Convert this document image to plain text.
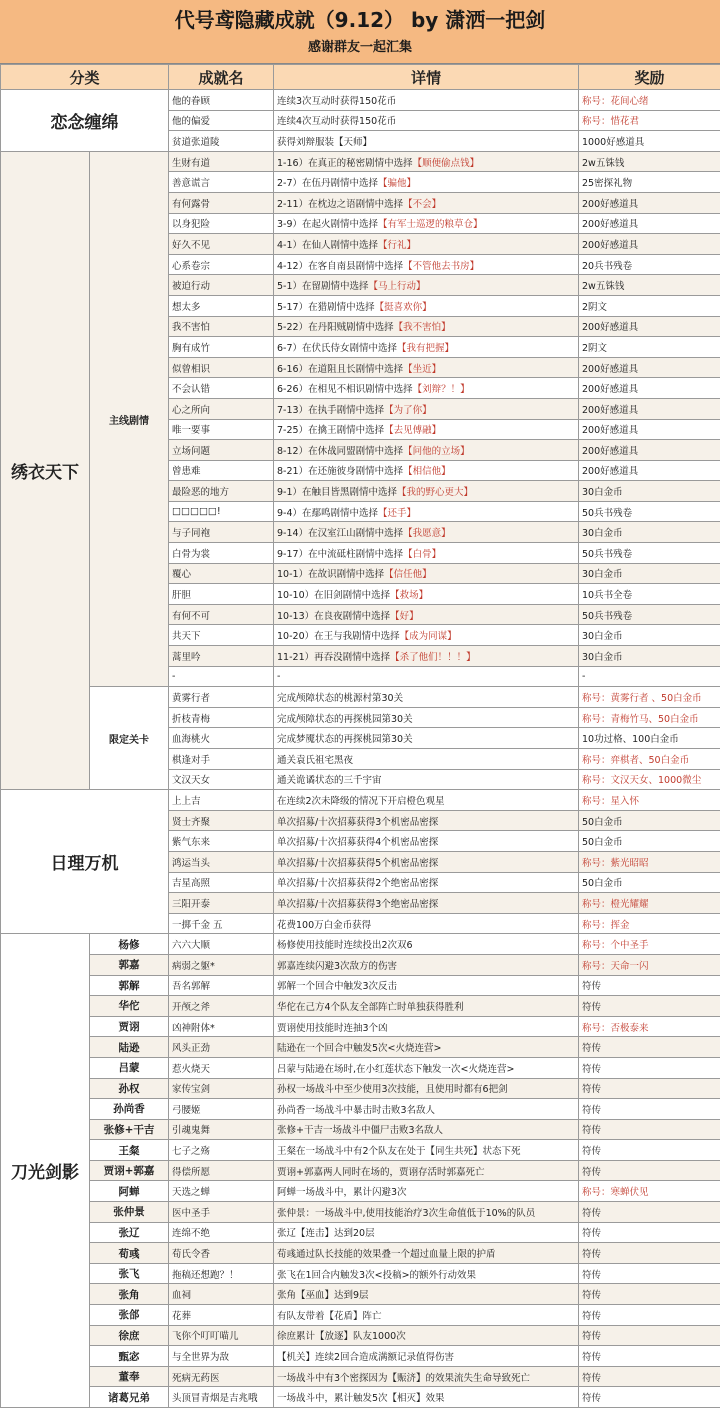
代号鸢隐藏成就（9.12） by 潇洒一把剑
感谢群友一起汇集
分类		成就名	详情	奖励
恋念缠绵		他的眷顾	连续3次互动时获得150花币	称号：花间心绪
		他的偏爱	连续4次互动时获得150花币	称号：惜花君
		贫道张道陵	获得刘辩服装【天师】	1000好感道具
绣衣天下	主线剧情	生财有道	1-16）在真正的秘密剧情中选择【顺便偷点钱】	2w五铢钱
		善意谎言	2-7）在伍丹剧情中选择【骗他】	25密探礼物
		有何露骨	2-11）在枕边之语剧情中选择【不会】	200好感道具
		以身犯险	3-9）在起火剧情中选择【有军士巡逻的粮草仓】	200好感道具
		好久不见	4-1）在仙人剧情中选择【行礼】	200好感道具
		心系卷宗	4-12）在客自南县剧情中选择【不管他去书房】	20兵书残卷
		被迫行动	5-1）在留剧情中选择【马上行动】	2w五铢钱
		想太多	5-17）在猎剧情中选择【挺喜欢你】	2阴文
		我不害怕	5-22）在丹阳贼剧情中选择【我不害怕】	200好感道具
		胸有成竹	6-7）在伏氏侍女剧情中选择【我有把握】	2阴文
		似曾相识	6-16）在道阻且长剧情中选择【坐近】	200好感道具
		不会认错	6-26）在相见不相识剧情中选择【刘辩？！】	200好感道具
		心之所向	7-13）在执手剧情中选择【为了你】	200好感道具
		唯一要事	7-25）在擒王剧情中选择【去见傅融】	200好感道具
		立场问题	8-12）在休战同盟剧情中选择【问他的立场】	200好感道具
		曾患难	8-21）在还施彼身剧情中选择【相信他】	200好感道具
		最险恶的地方	9-1）在触目皆黑剧情中选择【我的野心更大】	30白金币
		□□□□□!	9-4）在鄢鸣剧情中选择【还手】	50兵书残卷
		与子同袍	9-14）在汉室江山剧情中选择【我愿意】	30白金币
		白骨为裳	9-17）在中流砥柱剧情中选择【白骨】	50兵书残卷
		覆心	10-1）在故识剧情中选择【信任他】	30白金币
		肝胆	10-10）在旧剑剧情中选择【救场】	10兵书全卷
		有何不可	10-13）在良夜剧情中选择【好】	50兵书残卷
		共天下	10-20）在王与我剧情中选择【成为同谋】	30白金币
		蒿里吟	11-21）再吞没剧情中选择【杀了他们！！！】	30白金币
		-	-	-
	限定关卡	黄雾行者	完成颅障状态的桃源村第30关	称号：黄雾行者 、50白金币
		折枝青梅	完成颅障状态的再探桃园第30关	称号：青梅竹马、50白金币
		血海桃火	完成梦魇状态的再探桃园第30关	10功过格、100白金币
		棋逢对手	通关袁氏祖宅黑夜	称号：弈棋者、50白金币
		文汉天女	通关诡谲状态的三千宇宙	称号：文汉天女、1000微尘
日理万机		上上吉	在连续2次未降级的情况下开启橙色观星	称号：星入怀
		贤士齐聚	单次招募/十次招募获得3个机密品密探	50白金币
		紫气东来	单次招募/十次招募获得4个机密品密探	50白金币
		鸿运当头	单次招募/十次招募获得5个机密品密探	称号：紫光昭昭
		吉星高照	单次招募/十次招募获得2个绝密品密探	50白金币
		三阳开泰	单次招募/十次招募获得3个绝密品密探	称号：橙光耀耀
		一掷千金 五	花费100万白金币获得	称号：挥金
刀光剑影	杨修	六六大顺	杨修使用技能时连续投出2次双6	称号：个中圣手
	郭嘉	病弱之躯*	郭嘉连续闪避3次敌方的伤害	称号：天命一闪
	郭解	吾名郭解	郭解一个回合中触发3次反击	符传
	华佗	开颅之斧	华佗在己方4个队友全部阵亡时单独获得胜利	符传
	贾诩	凶神附体*	贾诩使用技能时连抽3个凶	称号：否极泰来
	陆逊	风头正劲	陆逊在一个回合中触发5次<火烧连营>	符传
	吕蒙	惹火烧天	吕蒙与陆逊在场时,在小红莲状态下触发一次<火烧连营>	符传
	孙权	家传宝剑	孙权一场战斗中至少使用3次技能，且使用时都有6把剑	符传
	孙尚香	弓腰姬	孙尚香一场战斗中暴击时击败3名敌人	符传
	张修+干吉	引魂鬼舞	张修+干吉一场战斗中僵尸击败3名敌人	符传
	王粲	七子之殇	王粲在一场战斗中有2个队友在处于【同生共死】状态下死	符传
	贾诩+郭嘉	得偿所愿	贾诩+郭嘉两人同时在场的，贾诩存活时郭嘉死亡	符传
	阿蝉	天选之蝉	阿蝉一场战斗中，累计闪避3次	称号：寒蝉伏见
	张仲景	医中圣手	张仲景：一场战斗中,使用技能治疗3次生命值低于10%的队员	符传
	张辽	连绵不绝	张辽【连击】达到20层	符传
	荀彧	荀氏令香	荀彧通过队长技能的效果叠一个超过血量上限的护盾	符传
	张飞	拖稿还想跑？！	张飞在1回合内触发3次<投稿>的额外行动效果	符传
	张角	血祠	张角【巫血】达到9层	符传
	张郃	花葬	有队友带着【花盾】阵亡	符传
	徐庶	飞你个叮叮喵儿	徐庶累计【放逐】队友1000次	符传
	甄宓	与全世界为敌	【机关】连续2回合造成满额记录值得伤害	符传
	董奉	死病无药医	一场战斗中有3个密探因为【赈济】的效果流失生命导致死亡	符传
	诸葛兄弟	头顶冒青烟是吉兆哦	一场战斗中，累计触发5次【相灭】效果	符传
